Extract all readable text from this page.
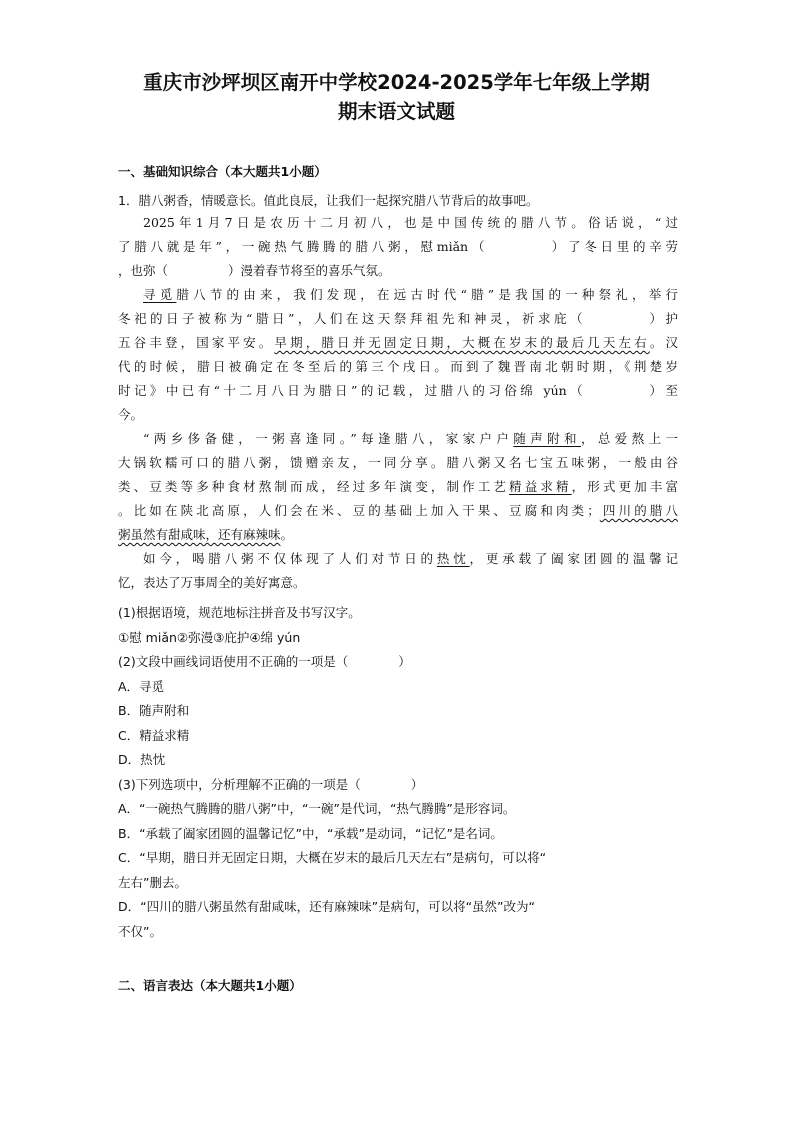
重庆市沙坪坝区南开中学校2024-2025学年七年级上学期
期末语文试题
一、基础知识综合（本大题共1小题）
1．腊八粥香，情暖意长。值此良辰，让我们一起探究腊八节背后的故事吧。

2025年1月7日是农历十二月初八，也是中国传统的腊八节。俗话说，“过

了腊八就是年”，一碗热气腾腾的腊八粥，慰miǎn（	）了冬日里的辛劳

，也弥（	）漫着春节将至的喜乐气氛。

寻觅腊八节的由来，我们发现，在远古时代“腊”是我国的一种祭礼，举行

冬祀的日子被称为“腊日”，人们在这天祭拜祖先和神灵，祈求庇（	）护

五谷丰登，国家平安。早期，腊日并无固定日期，大概在岁末的最后几天左右。汉

代的时候，腊日被确定在冬至后的第三个戌日。而到了魏晋南北朝时期，《荆楚岁

时记》中已有“十二月八日为腊日”的记载，过腊八的习俗绵 yún（	）至

今。

“两乡侈备健，一粥喜逢同。”每逢腊八，家家户户随声附和，总爱熬上一

大锅软糯可口的腊八粥，馈赠亲友，一同分享。腊八粥又名七宝五味粥，一般由谷

类、豆类等多种食材熬制而成，经过多年演变，制作工艺精益求精，形式更加丰富

。比如在陕北高原，人们会在米、豆的基础上加入干果、豆腐和肉类；四川的腊八

粥虽然有甜咸味，还有麻辣味。

如今，喝腊八粥不仅体现了人们对节日的热忱，更承载了阖家团圆的温馨记

忆，表达了万事周全的美好寓意。

(1)根据语境，规范地标注拼音及书写汉字。

①慰 miǎn②弥漫③庇护④绵 yún

(2)文段中画线词语使用不正确的一项是（　　　　）

A．寻觅

B．随声附和

C．精益求精

D．热忱

(3)下列选项中，分析理解不正确的一项是（　　　　）

A．“一碗热气腾腾的腊八粥”中，“一碗”是代词，“热气腾腾”是形容词。

B．“承载了阖家团圆的温馨记忆”中，“承载”是动词，“记忆”是名词。

C．“早期，腊日并无固定日期，大概在岁末的最后几天左右”是病句，可以将“

左右”删去。

D．“四川的腊八粥虽然有甜咸味，还有麻辣味”是病句，可以将“虽然”改为“

不仅”。

二、语言表达（本大题共1小题）
